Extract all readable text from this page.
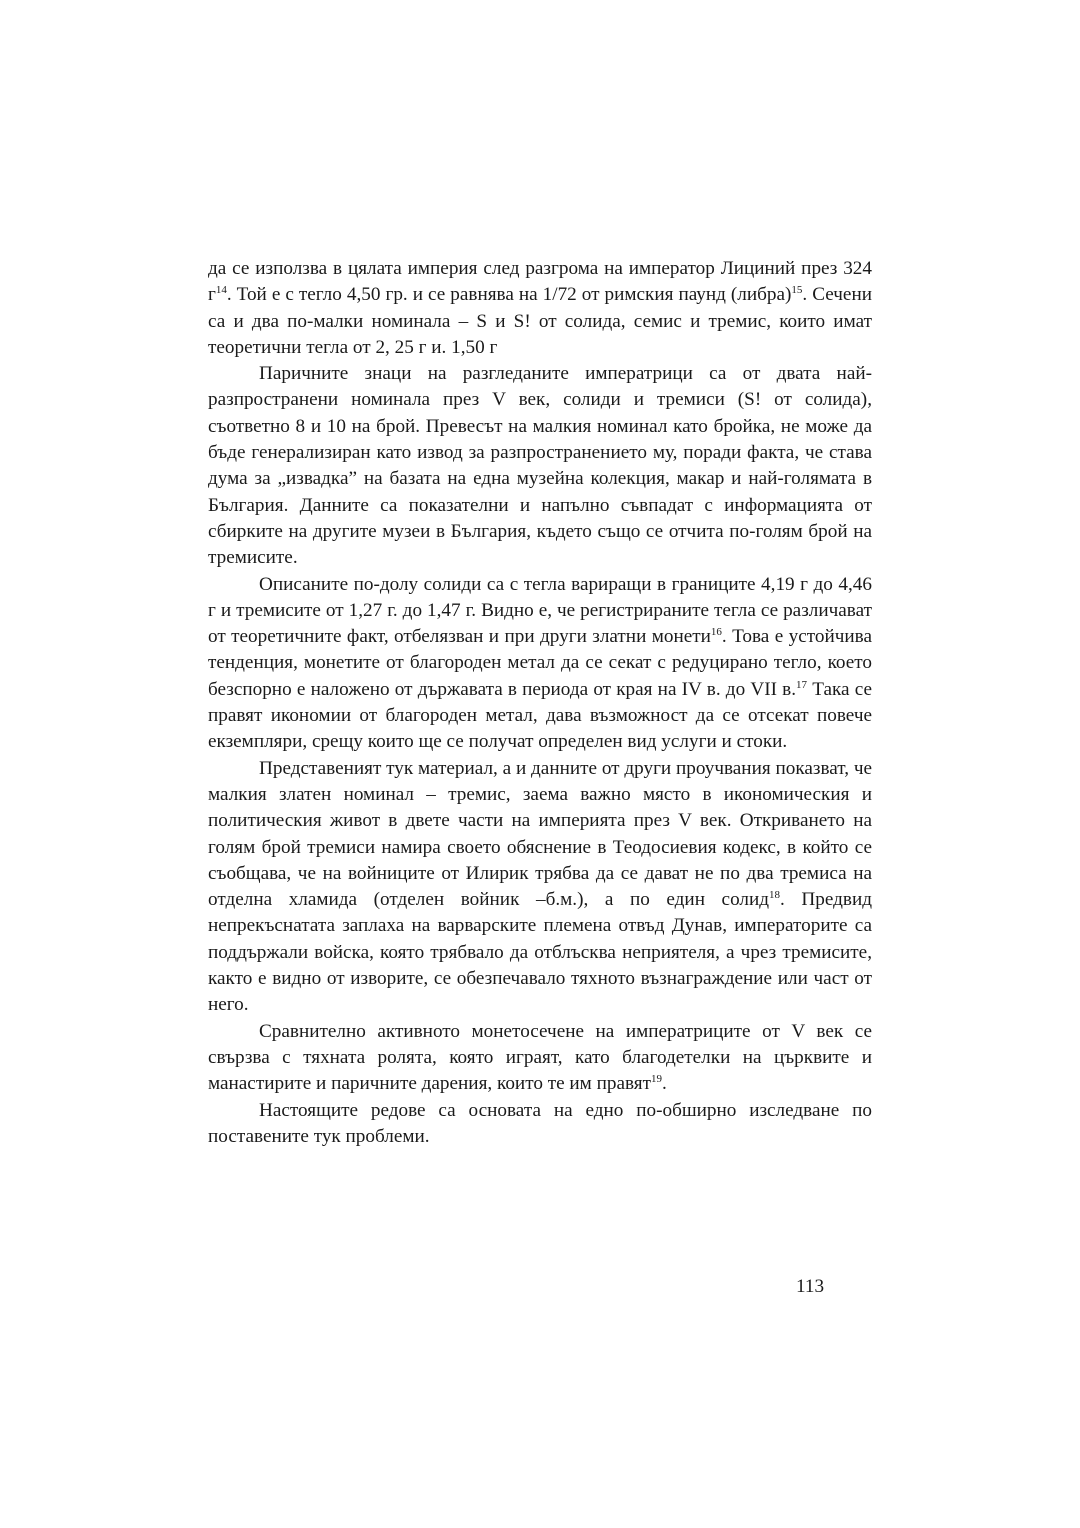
да се използва в цялата империя след разгрома на император Лициний през 324 $г^{14}$. Той е с тегло 4,50 гр. и се равнява на 1/72 от римския паунд (либра)$^{15}$. Сечени са и два по-малки номинала – S и S! от солида, семис и тремис, които имат теоретични тегла от 2, 25 г и. 1,50 г

Паричните знаци на разгледаните императрици са от двата най-разпространени номинала през V век, солиди и тремиси (S! от солида), съответно 8 и 10 на брой. Превесът на малкия номинал като бройка, не може да бъде генерализиран като извод за разпространението му, поради факта, че става дума за „извадка” на базата на една музейна колекция, макар и най-голямата в България. Данните са показателни и напълно съвпадат с информацията от сбирките на другите музеи в България, където също се отчита по-голям брой на тремисите.

Описаните по-долу солиди са с тегла вариращи в границите 4,19 г до 4,46 г и тремисите от 1,27 г. до 1,47 г. Видно е, че регистрираните тегла се различават от теоретичните факт, отбелязван и при други златни монети$^{16}$. Това е устойчива тенденция, монетите от благороден метал да се секат с редуцирано тегло, което безспорно е наложено от държавата в периода от края на IV в. до VII в.$^{17}$ Така се правят икономии от благороден метал, дава възможност да се отсекат повече екземпляри, срещу които ще се получат определен вид услуги и стоки.

Представеният тук материал, а и данните от други проучвания показват, че малкия златен номинал – тремис, заема важно място в икономическия и политическия живот в двете части на империята през V век. Откриването на голям брой тремиси намира своето обяснение в Теодосиевия кодекс, в който се съобщава, че на войниците от Илирик трябва да се дават не по два тремиса на отделна хламида (отделен войник –б.м.), а по един солид$^{18}$. Предвид непрекъснатата заплаха на варварските племена отвъд Дунав, императорите са поддържали войска, която трябвало да отблъсква неприятеля, а чрез тремисите, както е видно от изворите, се обезпечавало тяхното възнаграждение или част от него.

Сравнително активното монетосечене на императриците от V век се свързва с тяхната ролята, която играят, като благодетелки на църквите и манастирите и паричните дарения, които те им правят$^{19}$.

Настоящите редове са основата на едно по-обширно изследване по поставените тук проблеми.

113
